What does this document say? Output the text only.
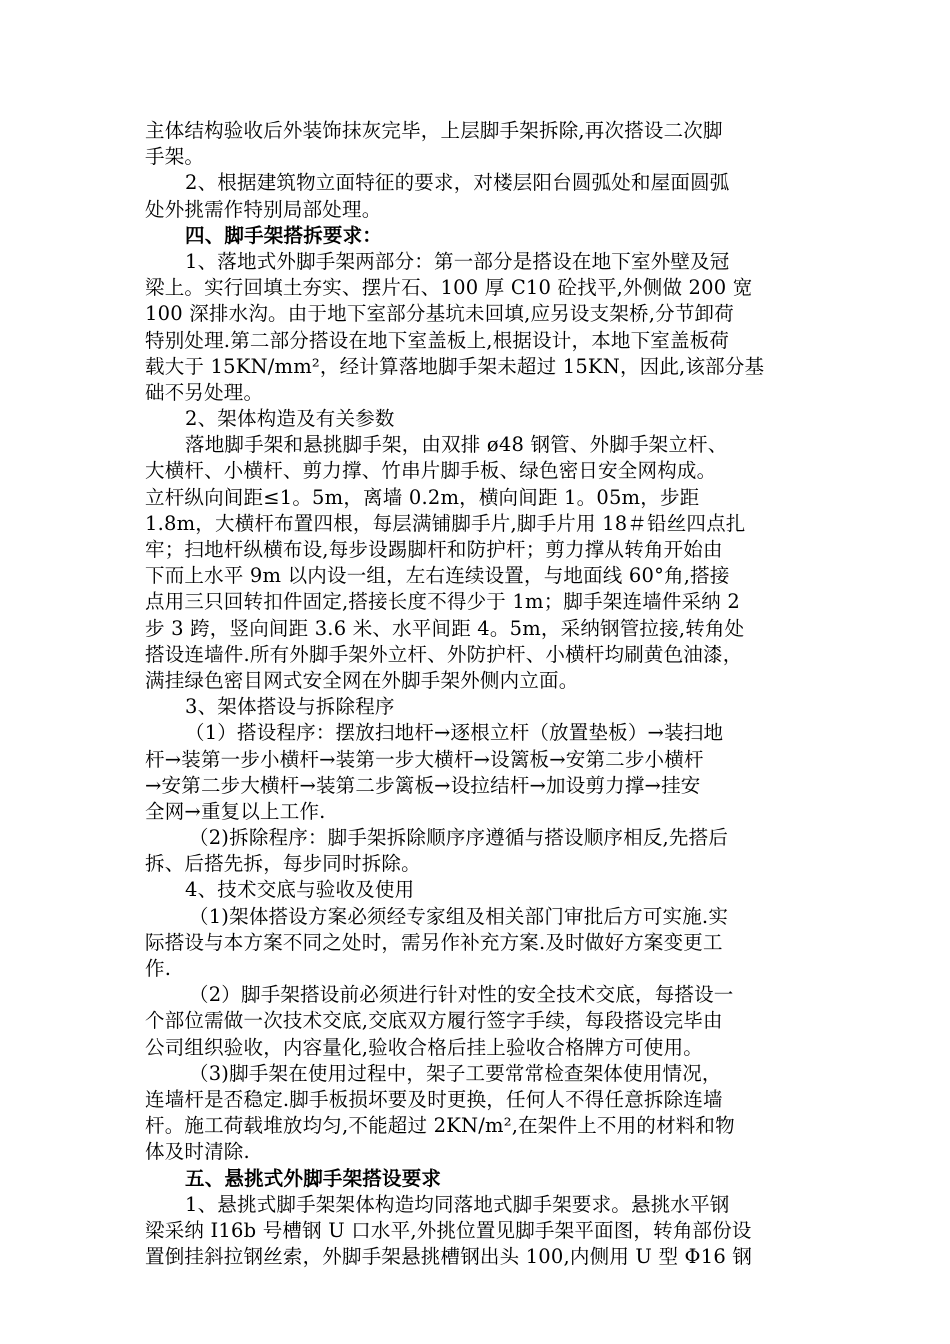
主体结构验收后外装饰抹灰完毕，上层脚手架拆除,再次搭设二次脚
手架。
2、根据建筑物立面特征的要求，对楼层阳台圆弧处和屋面圆弧
处外挑需作特别局部处理。
四、脚手架搭拆要求：
1、落地式外脚手架两部分：第一部分是搭设在地下室外壁及冠
梁上。实行回填土夯实、摆片石、100 厚 C10 砼找平,外侧做 200 宽
100 深排水沟。由于地下室部分基坑未回填,应另设支架桥,分节卸荷
特别处理.第二部分搭设在地下室盖板上,根据设计，本地下室盖板荷
载大于 15KN/mm²，经计算落地脚手架未超过 15KN，因此,该部分基
础不另处理。
2、架体构造及有关参数
落地脚手架和悬挑脚手架，由双排 ø48 钢管、外脚手架立杆、
大横杆、小横杆、剪力撑、竹串片脚手板、绿色密日安全网构成。
立杆纵向间距≤1。5m，离墙 0.2m，横向间距 1。05m，步距
1.8m，大横杆布置四根，每层满铺脚手片,脚手片用 18＃铅丝四点扎
牢；扫地杆纵横布设,每步设踢脚杆和防护杆；剪力撑从转角开始由
下而上水平 9m 以内设一组，左右连续设置，与地面线 60°角,搭接
点用三只回转扣件固定,搭接长度不得少于 1m；脚手架连墙件采纳 2
步 3 跨，竖向间距 3.6 米、水平间距 4。5m，采纳钢管拉接,转角处
搭设连墙件.所有外脚手架外立杆、外防护杆、小横杆均刷黄色油漆，
满挂绿色密目网式安全网在外脚手架外侧内立面。
3、架体搭设与拆除程序
（1）搭设程序：摆放扫地杆→逐根立杆（放置垫板）→装扫地
杆→装第一步小横杆→装第一步大横杆→设篱板→安第二步小横杆
→安第二步大横杆→装第二步篱板→设拉结杆→加设剪力撑→挂安
全网→重复以上工作.
（2)拆除程序：脚手架拆除顺序序遵循与搭设顺序相反,先搭后
拆、后搭先拆，每步同时拆除。
4、技术交底与验收及使用
（1)架体搭设方案必须经专家组及相关部门审批后方可实施.实
际搭设与本方案不同之处时，需另作补充方案.及时做好方案变更工
作.
（2）脚手架搭设前必须进行针对性的安全技术交底，每搭设一
个部位需做一次技术交底,交底双方履行签字手续，每段搭设完毕由
公司组织验收，内容量化,验收合格后挂上验收合格牌方可使用。
（3)脚手架在使用过程中，架子工要常常检查架体使用情况，
连墙杆是否稳定.脚手板损坏要及时更换，任何人不得任意拆除连墙
杆。施工荷载堆放均匀,不能超过 2KN/m²,在架件上不用的材料和物
体及时清除.
五、悬挑式外脚手架搭设要求
1、悬挑式脚手架架体构造均同落地式脚手架要求。悬挑水平钢
梁采纳 I16b 号槽钢 U 口水平,外挑位置见脚手架平面图，转角部份设
置倒挂斜拉钢丝索，外脚手架悬挑槽钢出头 100,内侧用 U 型 Φ16 钢
